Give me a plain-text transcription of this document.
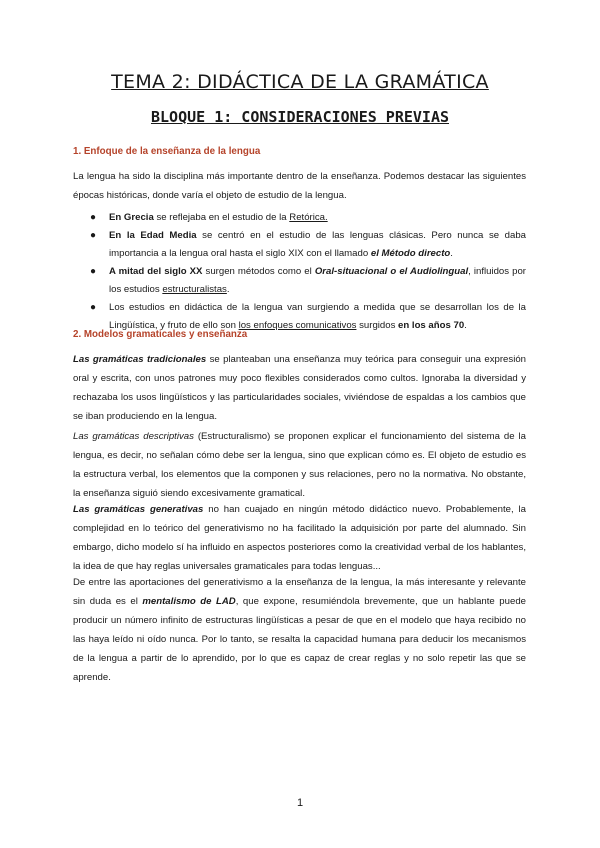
TEMA 2: DIDÁCTICA DE LA GRAMÁTICA
BLOQUE 1: CONSIDERACIONES PREVIAS
1. Enfoque de la enseñanza de la lengua
La lengua ha sido la disciplina más importante dentro de la enseñanza. Podemos destacar las siguientes épocas históricas, donde varía el objeto de estudio de la lengua.
● En Grecia se reflejaba en el estudio de la Retórica.
● En la Edad Media se centró en el estudio de las lenguas clásicas. Pero nunca se daba importancia a la lengua oral hasta el siglo XIX con el llamado el Método directo.
● A mitad del siglo XX surgen métodos como el Oral-situacional o el Audiolingual, influidos por los estudios estructuralistas.
● Los estudios en didáctica de la lengua van surgiendo a medida que se desarrollan los de la Lingüística, y fruto de ello son los enfoques comunicativos surgidos en los años 70.
2. Modelos gramaticales y enseñanza
Las gramáticas tradicionales se planteaban una enseñanza muy teórica para conseguir una expresión oral y escrita, con unos patrones muy poco flexibles considerados como cultos. Ignoraba la diversidad y rechazaba los usos lingüísticos y las particularidades sociales, viviéndose de espaldas a los cambios que se iban produciendo en la lengua.
Las gramáticas descriptivas (Estructuralismo) se proponen explicar el funcionamiento del sistema de la lengua, es decir, no señalan cómo debe ser la lengua, sino que explican cómo es. El objeto de estudio es la estructura verbal, los elementos que la componen y sus relaciones, pero no la normativa. No obstante, la enseñanza siguió siendo excesivamente gramatical.
Las gramáticas generativas no han cuajado en ningún método didáctico nuevo. Probablemente, la complejidad en lo teórico del generativismo no ha facilitado la adquisición por parte del alumnado. Sin embargo, dicho modelo sí ha influido en aspectos posteriores como la creatividad verbal de los hablantes, la idea de que hay reglas universales gramaticales para todas lenguas...
De entre las aportaciones del generativismo a la enseñanza de la lengua, la más interesante y relevante sin duda es el mentalismo de LAD, que expone, resumiéndola brevemente, que un hablante puede producir un número infinito de estructuras lingüísticas a pesar de que en el modelo que haya recibido no las haya leído ni oído nunca. Por lo tanto, se resalta la capacidad humana para deducir los mecanismos de la lengua a partir de lo aprendido, por lo que es capaz de crear reglas y no solo repetir las que se aprende.
1
